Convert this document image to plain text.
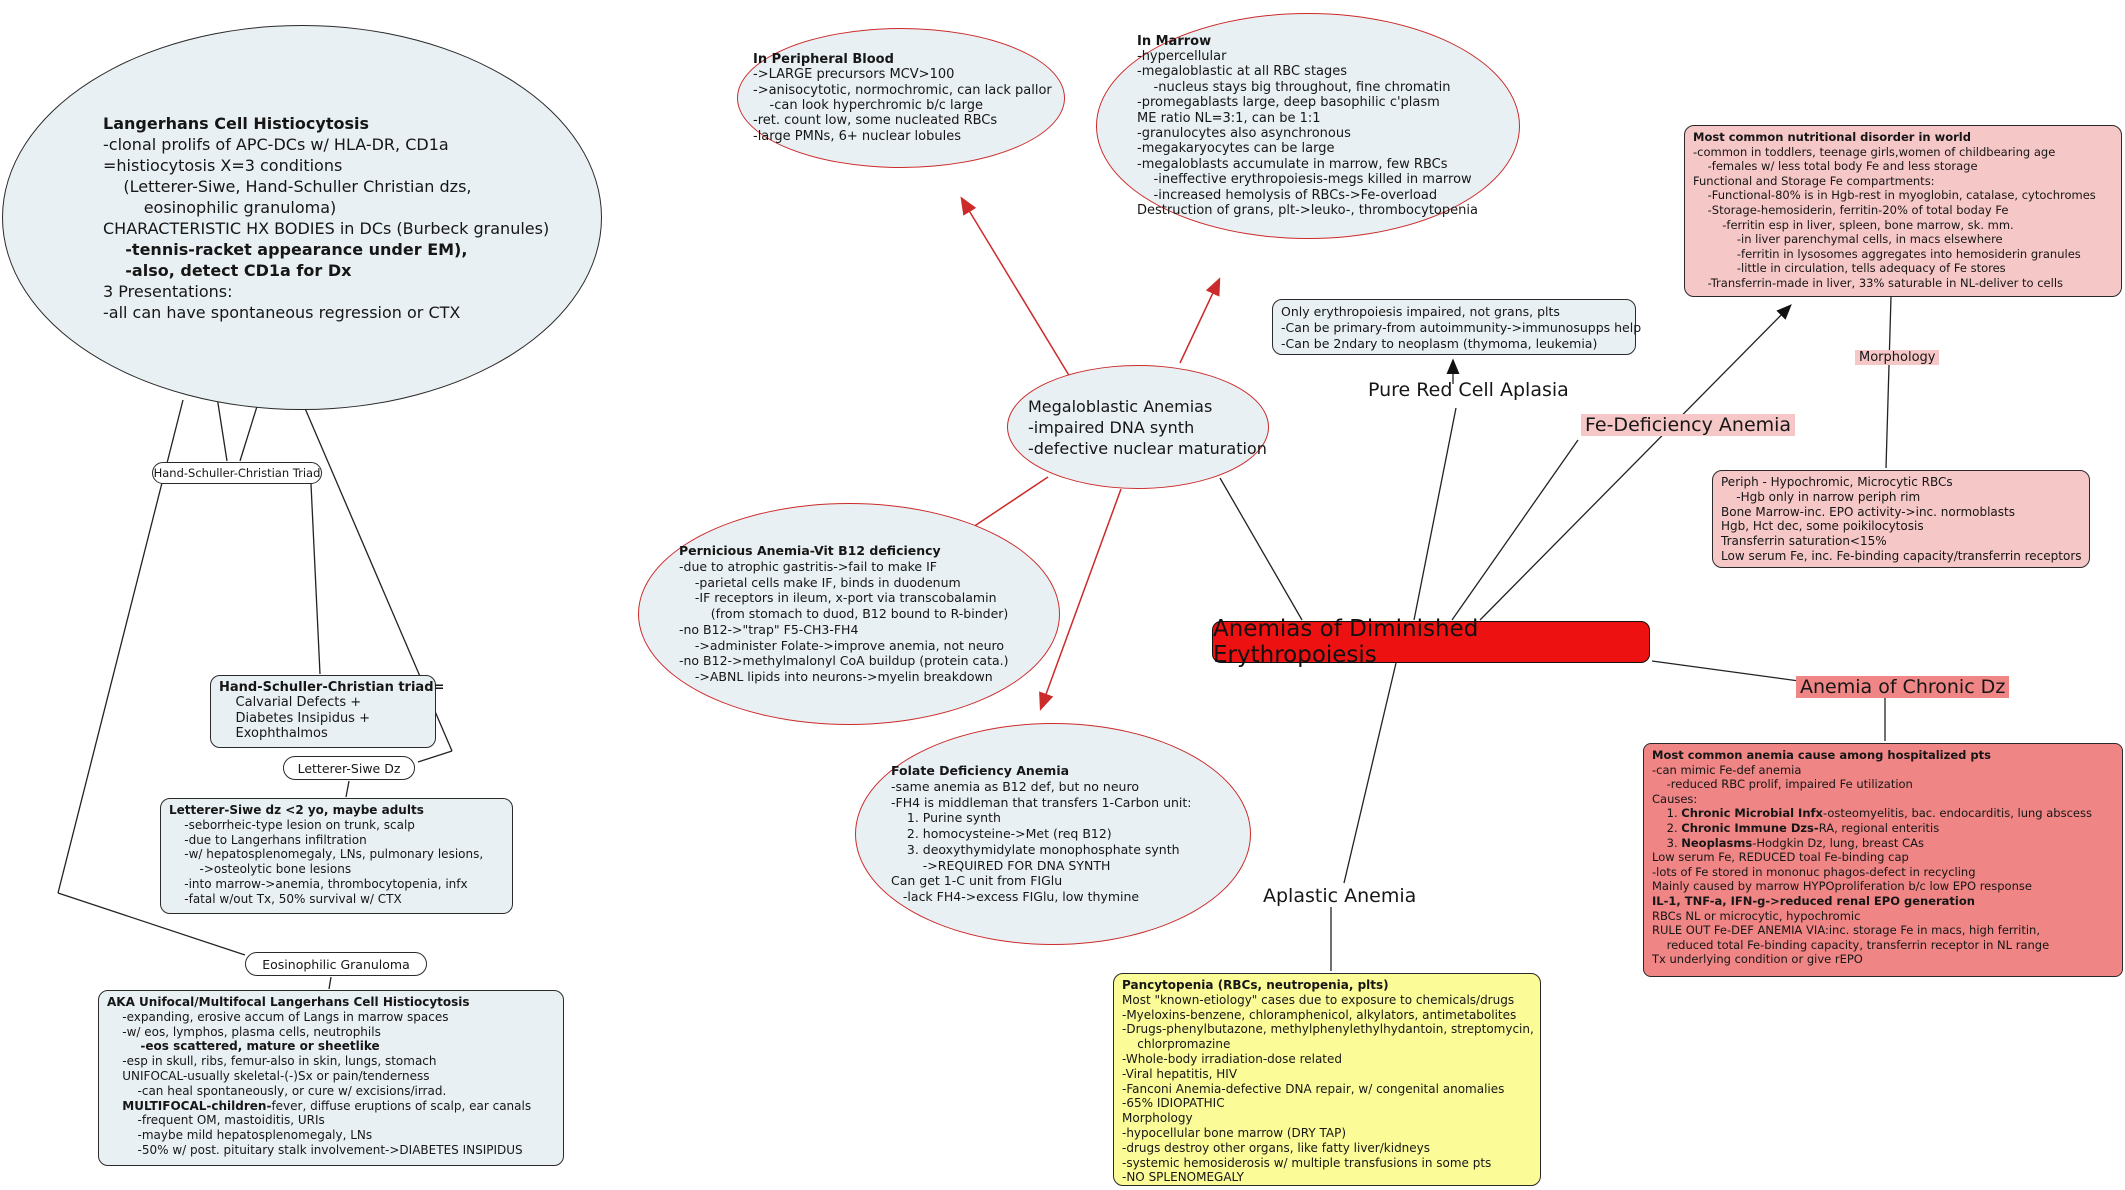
Langerhans Cell Histiocytosis
-clonal prolifs of APC-DCs w/ HLA-DR, CD1a
=histiocytosis X=3 conditions
(Letterer-Siwe, Hand-Schuller Christian dzs,
eosinophilic granuloma)
CHARACTERISTIC HX BODIES in DCs (Burbeck granules)
-tennis-racket appearance under EM),
-also, detect CD1a for Dx
3 Presentations:
-all can have spontaneous regression or CTX
In Peripheral Blood
->LARGE precursors MCV>100
->anisocytotic, normochromic, can lack pallor
-can look hyperchromic b/c large
-ret. count low, some nucleated RBCs
-large PMNs, 6+ nuclear lobules
In Marrow
-hypercellular
-megaloblastic at all RBC stages
-nucleus stays big throughout, fine chromatin
-promegablasts large, deep basophilic c'plasm
ME ratio NL=3:1, can be 1:1
-granulocytes also asynchronous
-megakaryocytes can be large
-megaloblasts accumulate in marrow, few RBCs
-ineffective erythropoiesis-megs killed in marrow
-increased hemolysis of RBCs->Fe-overload
Destruction of grans, plt->leuko-, thrombocytopenia
Most common nutritional disorder in world
-common in toddlers, teenage girls,women of childbearing age
-females w/ less total body Fe and less storage
Functional and Storage Fe compartments:
-Functional-80% is in Hgb-rest in myoglobin, catalase, cytochromes
-Storage-hemosiderin, ferritin-20% of total boday Fe
-ferritin esp in liver, spleen, bone marrow, sk. mm.
-in liver parenchymal cells, in macs elsewhere
-ferritin in lysosomes aggregates into hemosiderin granules
-little in circulation, tells adequacy of Fe stores
-Transferrin-made in liver, 33% saturable in NL-deliver to cells
Only erythropoiesis impaired, not grans, plts
-Can be primary-from autoimmunity->immunosupps help
-Can be 2ndary to neoplasm (thymoma, leukemia)
Megaloblastic Anemias
-impaired DNA synth
-defective nuclear maturation
Pernicious Anemia-Vit B12 deficiency
-due to atrophic gastritis->fail to make IF
-parietal cells make IF, binds in duodenum
-IF receptors in ileum, x-port via transcobalamin
(from stomach to duod, B12 bound to R-binder)
-no B12->"trap" F5-CH3-FH4
->administer Folate->improve anemia, not neuro
-no B12->methylmalonyl CoA buildup (protein cata.)
->ABNL lipids into neurons->myelin breakdown
Folate Deficiency Anemia
-same anemia as B12 def, but no neuro
-FH4 is middleman that transfers 1-Carbon unit:
1. Purine synth
2. homocysteine->Met (req B12)
3. deoxythymidylate monophosphate synth
->REQUIRED FOR DNA SYNTH
Can get 1-C unit from FIGlu
-lack FH4->excess FIGlu, low thymine
Anemias of Diminished Erythropoiesis
Pure Red Cell Aplasia
Fe-Deficiency Anemia
Morphology
Anemia of Chronic Dz
Aplastic Anemia
Periph - Hypochromic, Microcytic RBCs
-Hgb only in narrow periph rim
Bone Marrow-inc. EPO activity->inc. normoblasts
Hgb, Hct dec, some poikilocytosis
Transferrin saturation<15%
Low serum Fe, inc. Fe-binding capacity/transferrin receptors
Most common anemia cause among hospitalized pts
-can mimic Fe-def anemia
-reduced RBC prolif, impaired Fe utilization
Causes:
1. Chronic Microbial Infx-osteomyelitis, bac. endocarditis, lung abscess
2. Chronic Immune Dzs-RA, regional enteritis
3. Neoplasms-Hodgkin Dz, lung, breast CAs
Low serum Fe, REDUCED toal Fe-binding cap
-lots of Fe stored in mononuc phagos-defect in recycling
Mainly caused by marrow HYPOproliferation b/c low EPO response
IL-1, TNF-a, IFN-g->reduced renal EPO generation
RBCs NL or microcytic, hypochromic
RULE OUT Fe-DEF ANEMIA VIA:inc. storage Fe in macs, high ferritin,
reduced total Fe-binding capacity, transferrin receptor in NL range
Tx underlying condition or give rEPO
Pancytopenia (RBCs, neutropenia, plts)
Most "known-etiology" cases due to exposure to chemicals/drugs
-Myeloxins-benzene, chloramphenicol, alkylators, antimetabolites
-Drugs-phenylbutazone, methylphenylethylhydantoin, streptomycin,
chlorpromazine
-Whole-body irradiation-dose related
-Viral hepatitis, HIV
-Fanconi Anemia-defective DNA repair, w/ congenital anomalies
-65% IDIOPATHIC
Morphology
-hypocellular bone marrow (DRY TAP)
-drugs destroy other organs, like fatty liver/kidneys
-systemic hemosiderosis w/ multiple transfusions in some pts
-NO SPLENOMEGALY
Hand-Schuller-Christian Triad
Letterer-Siwe Dz
Eosinophilic Granuloma
Hand-Schuller-Christian triad=
Calvarial Defects +
Diabetes Insipidus +
Exophthalmos
Letterer-Siwe dz <2 yo, maybe adults
-seborrheic-type lesion on trunk, scalp
-due to Langerhans infiltration
-w/ hepatosplenomegaly, LNs, pulmonary lesions,
->osteolytic bone lesions
-into marrow->anemia, thrombocytopenia, infx
-fatal w/out Tx, 50% survival w/ CTX
AKA Unifocal/Multifocal Langerhans Cell Histiocytosis
-expanding, erosive accum of Langs in marrow spaces
-w/ eos, lymphos, plasma cells, neutrophils
-eos scattered, mature or sheetlike
-esp in skull, ribs, femur-also in skin, lungs, stomach
UNIFOCAL-usually skeletal-(-)Sx or pain/tenderness
-can heal spontaneously, or cure w/ excisions/irrad.
MULTIFOCAL-children-fever, diffuse eruptions of scalp, ear canals
-frequent OM, mastoiditis, URIs
-maybe mild hepatosplenomegaly, LNs
-50% w/ post. pituitary stalk involvement->DIABETES INSIPIDUS
